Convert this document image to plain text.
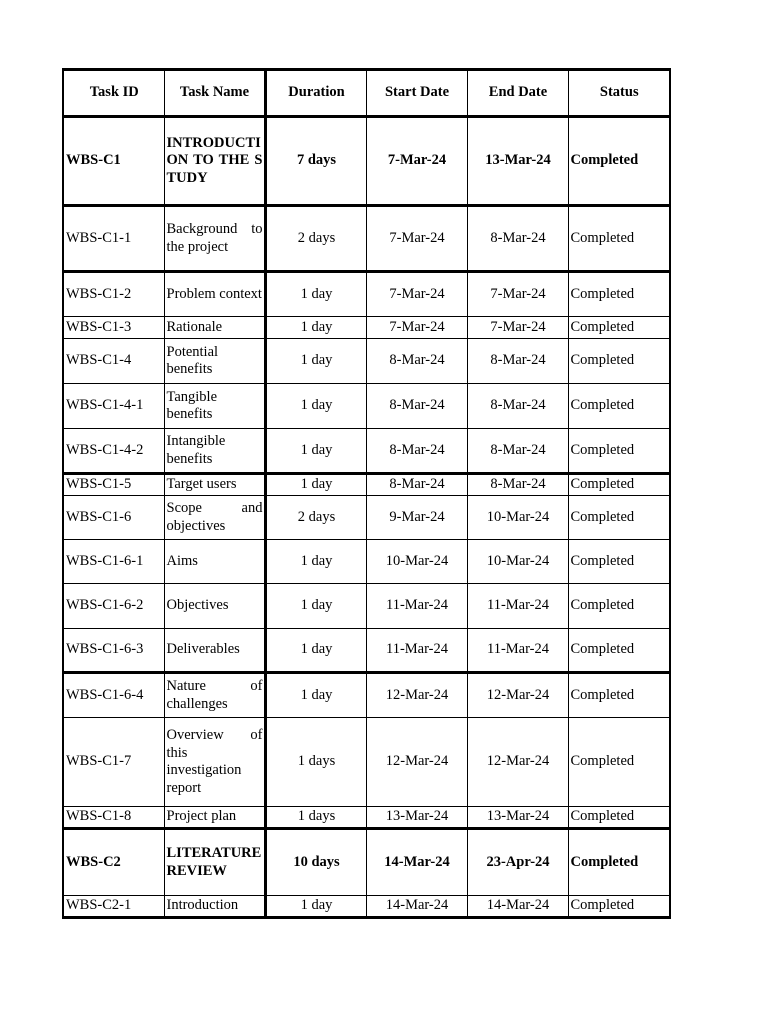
Task ID	Task Name	Duration	Start Date	End Date	Status
WBS-C1	INTRODUCTION TO THE STUDY	7 days	7-Mar-24	13-Mar-24	Completed
WBS-C1-1	Background to the project	2 days	7-Mar-24	8-Mar-24	Completed
WBS-C1-2	Problem context	1 day	7-Mar-24	7-Mar-24	Completed
WBS-C1-3	Rationale	1 day	7-Mar-24	7-Mar-24	Completed
WBS-C1-4	Potential benefits	1 day	8-Mar-24	8-Mar-24	Completed
WBS-C1-4-1	Tangible benefits	1 day	8-Mar-24	8-Mar-24	Completed
WBS-C1-4-2	Intangible benefits	1 day	8-Mar-24	8-Mar-24	Completed
WBS-C1-5	Target users	1 day	8-Mar-24	8-Mar-24	Completed
WBS-C1-6	Scope and objectives	2 days	9-Mar-24	10-Mar-24	Completed
WBS-C1-6-1	Aims	1 day	10-Mar-24	10-Mar-24	Completed
WBS-C1-6-2	Objectives	1 day	11-Mar-24	11-Mar-24	Completed
WBS-C1-6-3	Deliverables	1 day	11-Mar-24	11-Mar-24	Completed
WBS-C1-6-4	Nature of challenges	1 day	12-Mar-24	12-Mar-24	Completed
WBS-C1-7	Overview of this investigation report	1 days	12-Mar-24	12-Mar-24	Completed
WBS-C1-8	Project plan	1 days	13-Mar-24	13-Mar-24	Completed
WBS-C2	LITERATURE REVIEW	10 days	14-Mar-24	23-Apr-24	Completed
WBS-C2-1	Introduction	1 day	14-Mar-24	14-Mar-24	Completed
